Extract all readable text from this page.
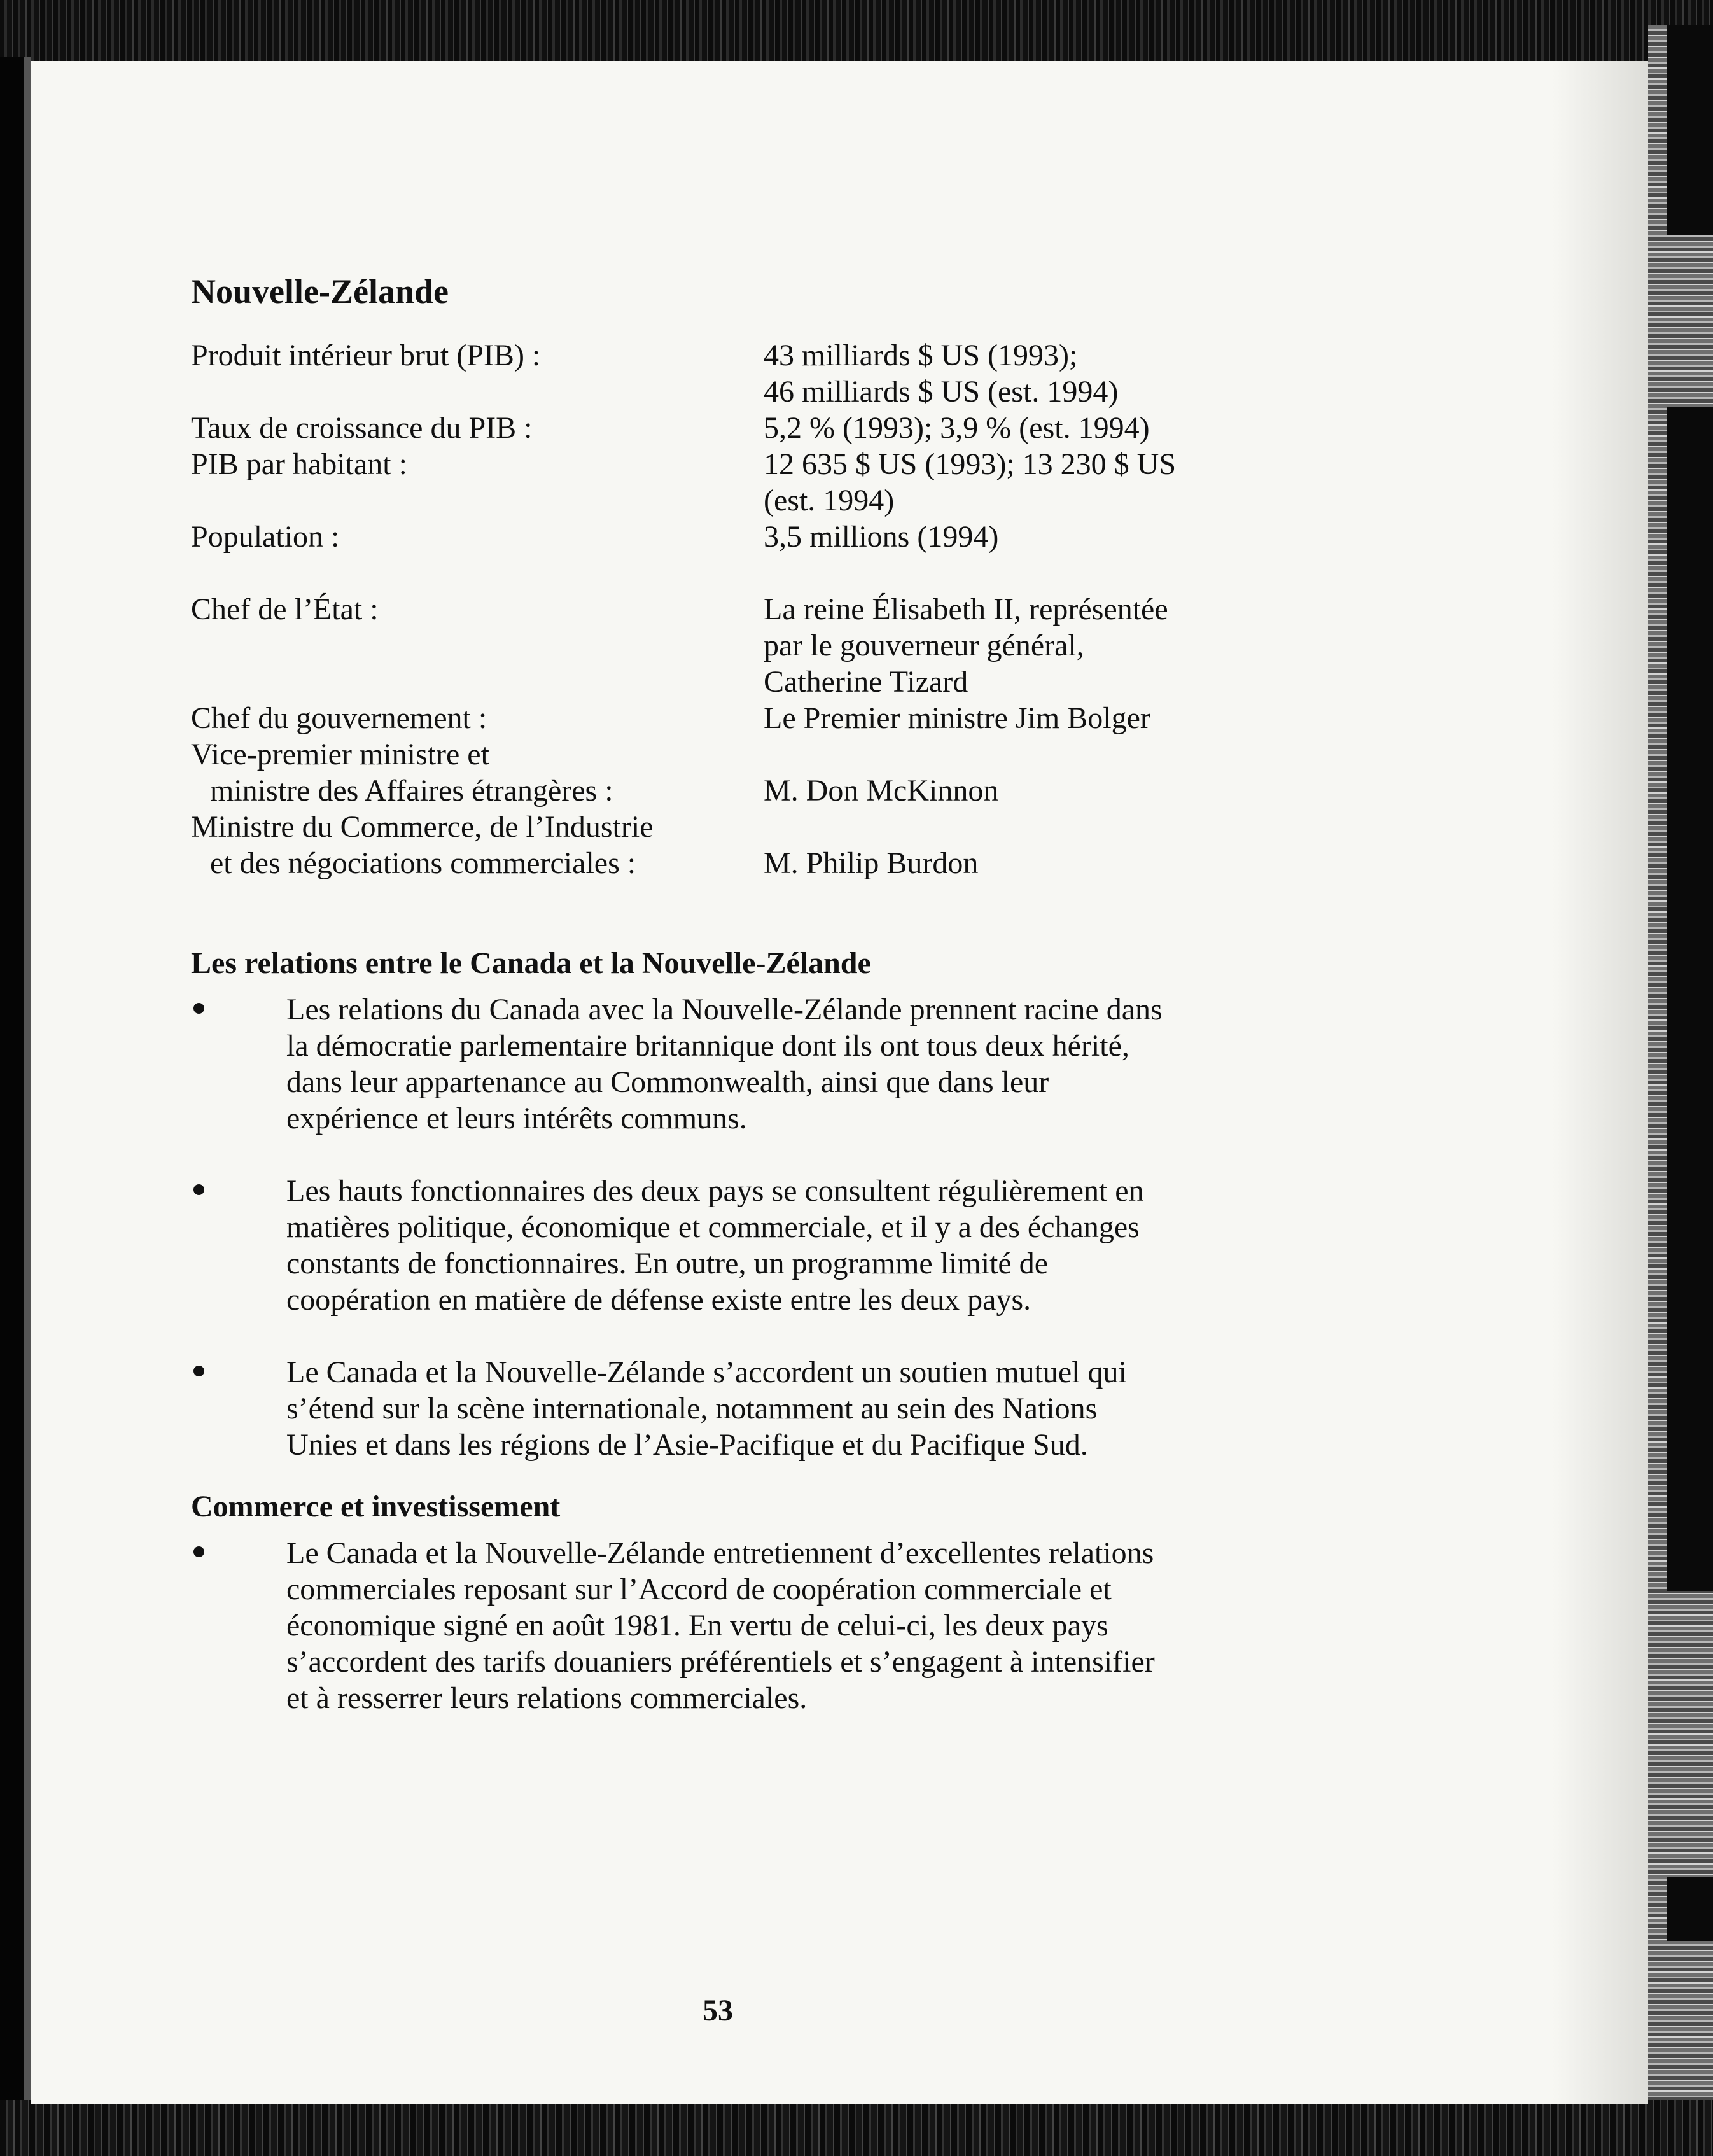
Nouvelle-Zélande
Produit intérieur brut (PIB) :	43 milliards $ US (1993);
46 milliards $ US (est. 1994)
Taux de croissance du PIB :	5,2 % (1993); 3,9 % (est. 1994)
PIB par habitant :	12 635 $ US (1993); 13 230 $ US
(est. 1994)
Population :	3,5 millions (1994)
Chef de l’État :	La reine Élisabeth II, représentée
par le gouverneur général,
Catherine Tizard
Chef du gouvernement :	Le Premier ministre Jim Bolger
Vice-premier ministre et
ministre des Affaires étrangères :
	M. Don McKinnon
Ministre du Commerce, de l’Industrie
et des négociations commerciales :
	M. Philip Burdon
Les relations entre le Canada et la Nouvelle-Zélande
Les relations du Canada avec la Nouvelle-Zélande prennent racine dans
la démocratie parlementaire britannique dont ils ont tous deux hérité,
dans leur appartenance au Commonwealth, ainsi que dans leur
expérience et leurs intérêts communs.
Les hauts fonctionnaires des deux pays se consultent régulièrement en
matières politique, économique et commerciale, et il y a des échanges
constants de fonctionnaires. En outre, un programme limité de
coopération en matière de défense existe entre les deux pays.
Le Canada et la Nouvelle-Zélande s’accordent un soutien mutuel qui
s’étend sur la scène internationale, notamment au sein des Nations
Unies et dans les régions de l’Asie-Pacifique et du Pacifique Sud.
Commerce et investissement
Le Canada et la Nouvelle-Zélande entretiennent d’excellentes relations
commerciales reposant sur l’Accord de coopération commerciale et
économique signé en août 1981. En vertu de celui-ci, les deux pays
s’accordent des tarifs douaniers préférentiels et s’engagent à intensifier
et à resserrer leurs relations commerciales.
53
